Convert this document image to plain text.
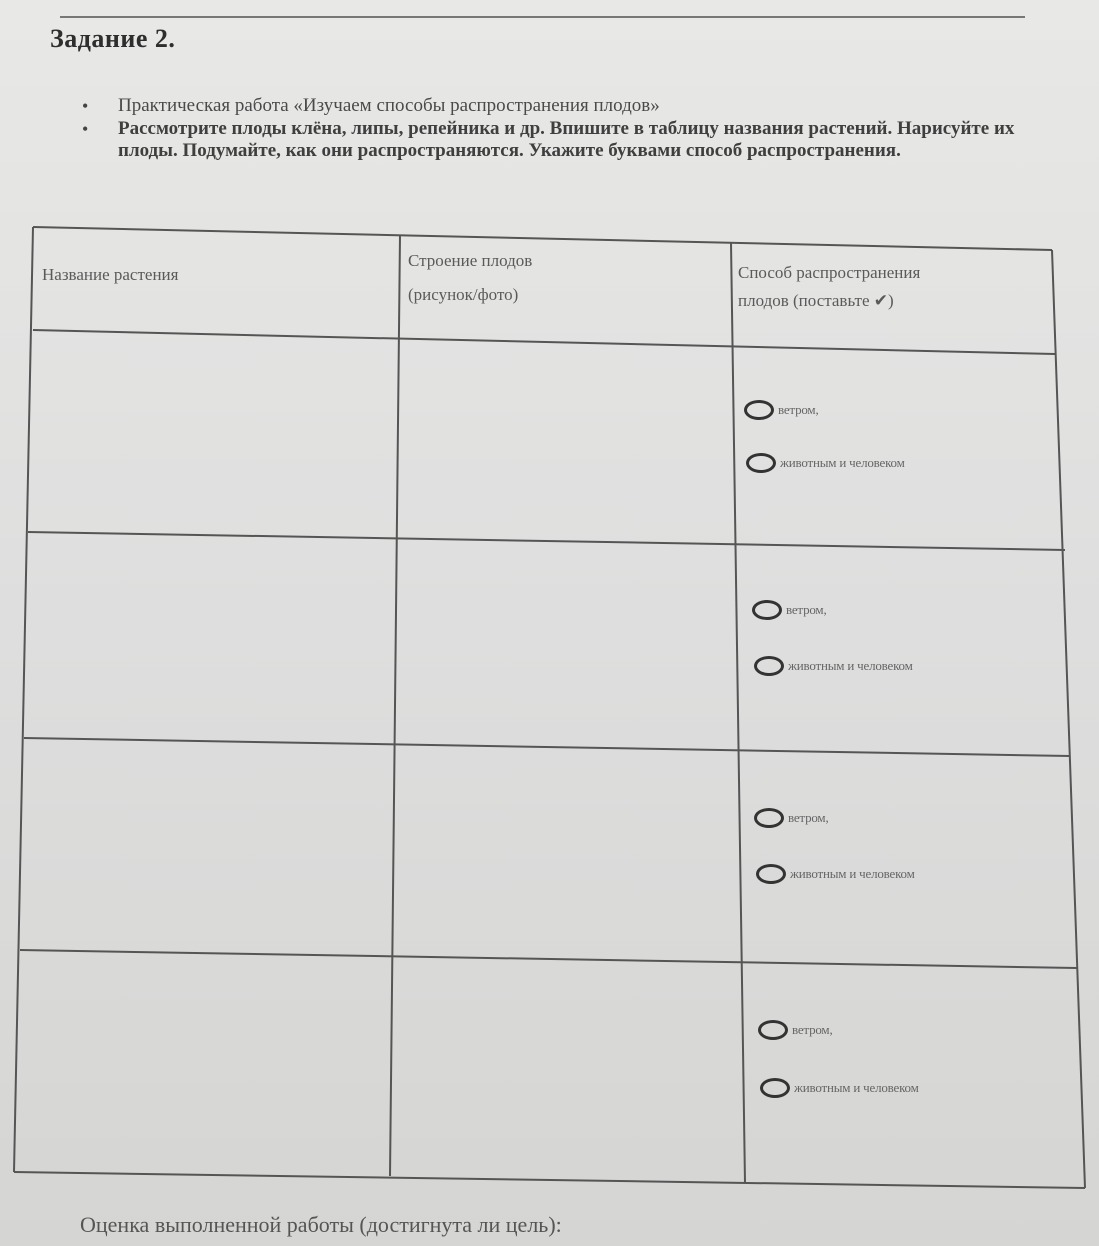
Задание 2.
• Практическая работа «Изучаем способы распространения плодов»
• Рассмотрите плоды клёна, липы, репейника и др. Впишите в таблицу названия растений. Нарисуйте их плоды. Подумайте, как они распространяются. Укажите буквами способ распространения.
Название растения
Строение плодов
(рисунок/фото)
Способ распространения
плодов (поставьте ✔)
ветром,
животным и человеком
ветром,
животным и человеком
ветром,
животным и человеком
ветром,
животным и человеком
Оценка выполненной работы (достигнута ли цель):
